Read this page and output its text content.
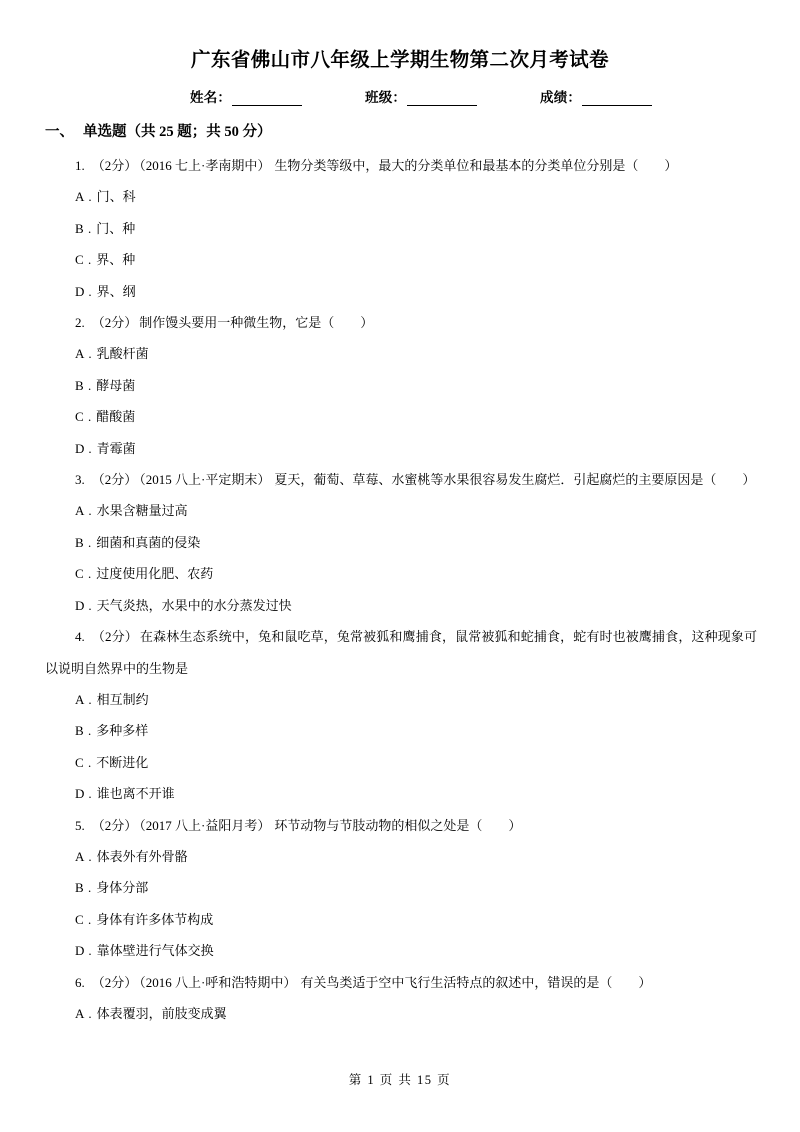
广东省佛山市八年级上学期生物第二次月考试卷
姓名：	班级：	成绩：
一、 单选题（共 25 题；共 50 分）
1. （2分） （2016 七上·孝南期中） 生物分类等级中，最大的分类单位和最基本的分类单位分别是（　　）
A . 门、科
B . 门、种
C . 界、种
D . 界、纲
2. （2分） 制作馒头要用一种微生物，它是（　　）
A . 乳酸杆菌
B . 酵母菌
C . 醋酸菌
D . 青霉菌
3. （2分） （2015 八上·平定期末） 夏天，葡萄、草莓、水蜜桃等水果很容易发生腐烂．引起腐烂的主要原因是（　　）
A . 水果含糖量过高
B . 细菌和真菌的侵染
C . 过度使用化肥、农药
D . 天气炎热，水果中的水分蒸发过快
4. （2分） 在森林生态系统中，兔和鼠吃草，兔常被狐和鹰捕食，鼠常被狐和蛇捕食，蛇有时也被鹰捕食，这种现象可以说明自然界中的生物是
A . 相互制约
B . 多种多样
C . 不断进化
D . 谁也离不开谁
5. （2分） （2017 八上·益阳月考） 环节动物与节肢动物的相似之处是（　　）
A . 体表外有外骨骼
B . 身体分部
C . 身体有许多体节构成
D . 靠体壁进行气体交换
6. （2分） （2016 八上·呼和浩特期中） 有关鸟类适于空中飞行生活特点的叙述中，错误的是（　　）
A . 体表覆羽，前肢变成翼
第 1 页 共 15 页
